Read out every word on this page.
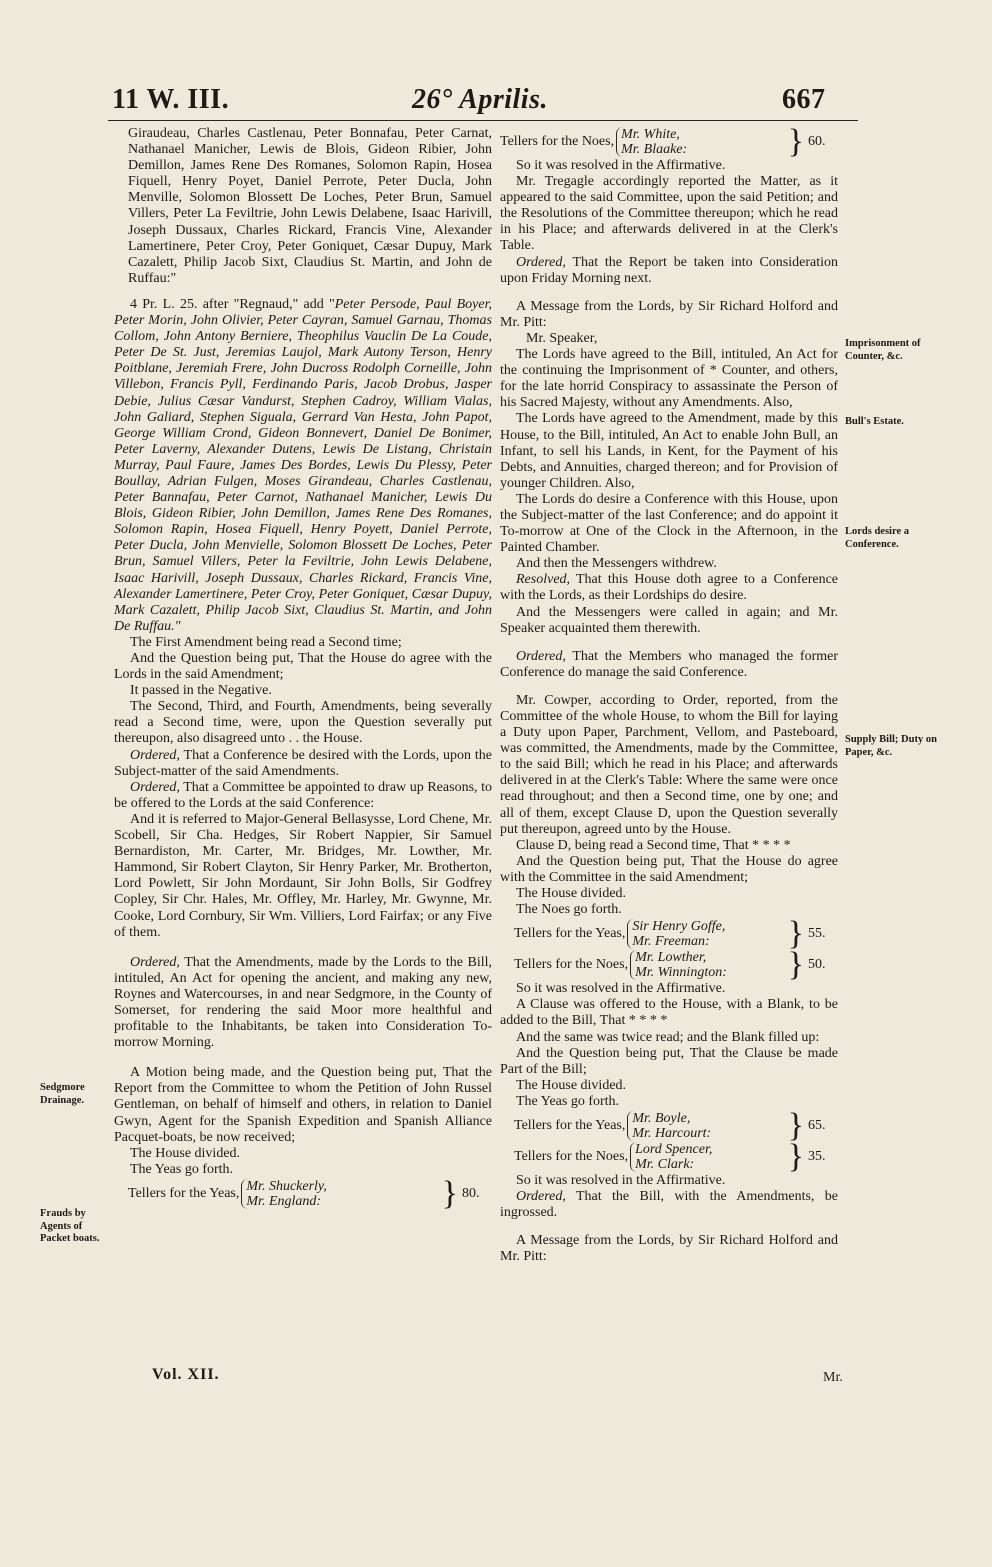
11 W. III.	26° Aprilis.	667

Giraudeau, Charles Castlenau, Peter Bonnafau, Peter Carnat, Nathanael Manicher, Lewis de Blois, Gideon Ribier, John Demillon, James Rene Des Romanes, Solomon Rapin, Hosea Fiquell, Henry Poyet, Daniel Perrote, Peter Ducla, John Menville, Solomon Blossett De Loches, Peter Brun, Samuel Villers, Peter La Feviltrie, John Lewis Delabene, Isaac Harivill, Joseph Dussaux, Charles Rickard, Francis Vine, Alexander Lamertinere, Peter Croy, Peter Goniquet, Cæsar Dupuy, Mark Cazalett, Philip Jacob Sixt, Claudius St. Martin, and John de Ruffau:"

4 Pr. L. 25. after "Regnaud," add "Peter Persode, Paul Boyer, Peter Morin, John Olivier, Peter Cayran, Samuel Garnau, Thomas Collom, John Antony Berniere, Theophilus Vauclin De La Coude, Peter De St. Just, Jeremias Laujol, Mark Autony Terson, Henry Poitblane, Jeremiah Frere, John Ducross Rodolph Corneille, John Villebon, Francis Pyll, Ferdinando Paris, Jacob Drobus, Jasper Debie, Julius Cæsar Vandurst, Stephen Cadroy, William Vialas, John Galiard, Stephen Siguala, Gerrard Van Hesta, John Papot, George William Crond, Gideon Bonnevert, Daniel De Bonimer, Peter Laverny, Alexander Dutens, Lewis De Listang, Christain Murray, Paul Faure, James Des Bordes, Lewis Du Plessy, Peter Boullay, Adrian Fulgen, Moses Girandeau, Charles Castlenau, Peter Bannafau, Peter Carnot, Nathanael Manicher, Lewis Du Blois, Gideon Ribier, John Demillon, James Rene Des Romanes, Solomon Rapin, Hosea Fiquell, Henry Poyett, Daniel Perrote, Peter Ducla, John Menvielle, Solomon Blossett De Loches, Peter Brun, Samuel Villers, Peter la Feviltrie, John Lewis Delabene, Isaac Harivill, Joseph Dussaux, Charles Rickard, Francis Vine, Alexander Lamertinere, Peter Croy, Peter Goniquet, Cæsar Dupuy, Mark Cazalett, Philip Jacob Sixt, Claudius St. Martin, and John De Ruffau."

The First Amendment being read a Second time;

And the Question being put, That the House do agree with the Lords in the said Amendment;

It passed in the Negative.

The Second, Third, and Fourth, Amendments, being severally read a Second time, were, upon the Question severally put thereupon, also disagreed unto . . the House.

Ordered, That a Conference be desired with the Lords, upon the Subject-matter of the said Amendments.

Ordered, That a Committee be appointed to draw up Reasons, to be offered to the Lords at the said Conference:

And it is referred to Major-General Bellasysse, Lord Chene, Mr. Scobell, Sir Cha. Hedges, Sir Robert Nappier, Sir Samuel Bernardiston, Mr. Carter, Mr. Bridges, Mr. Lowther, Mr. Hammond, Sir Robert Clayton, Sir Henry Parker, Mr. Brotherton, Lord Powlett, Sir John Mordaunt, Sir John Bolls, Sir Godfrey Copley, Sir Chr. Hales, Mr. Offley, Mr. Harley, Mr. Gwynne, Mr. Cooke, Lord Cornbury, Sir Wm. Villiers, Lord Fairfax; or any Five of them.

Ordered, That the Amendments, made by the Lords to the Bill, intituled, An Act for opening the ancient, and making any new, Roynes and Watercourses, in and near Sedgmore, in the County of Somerset, for rendering the said Moor more healthful and profitable to the Inhabitants, be taken into Consideration To-morrow Morning.

A Motion being made, and the Question being put, That the Report from the Committee to whom the Petition of John Russel Gentleman, on behalf of himself and others, in relation to Daniel Gwyn, Agent for the Spanish Expedition and Spanish Alliance Pacquet-boats, be now received;

The House divided.

The Yeas go forth.

Tellers for the Yeas, Mr. Shuckerly,
Mr. England:	} 80.
Tellers for the Noes, Mr. White,
Mr. Blaake:	} 60.

So it was resolved in the Affirmative.

Mr. Tregagle accordingly reported the Matter, as it appeared to the said Committee, upon the said Petition; and the Resolutions of the Committee thereupon; which he read in his Place; and afterwards delivered in at the Clerk's Table.

Ordered, That the Report be taken into Consideration upon Friday Morning next.

A Message from the Lords, by Sir Richard Holford and Mr. Pitt:

Mr. Speaker,

The Lords have agreed to the Bill, intituled, An Act for the continuing the Imprisonment of * Counter, and others, for the late horrid Conspiracy to assassinate the Person of his Sacred Majesty, without any Amendments. Also,

The Lords have agreed to the Amendment, made by this House, to the Bill, intituled, An Act to enable John Bull, an Infant, to sell his Lands, in Kent, for the Payment of his Debts, and Annuities, charged thereon; and for Provision of younger Children. Also,

The Lords do desire a Conference with this House, upon the Subject-matter of the last Conference; and do appoint it To-morrow at One of the Clock in the Afternoon, in the Painted Chamber.

And then the Messengers withdrew.

Resolved, That this House doth agree to a Conference with the Lords, as their Lordships do desire.

And the Messengers were called in again; and Mr. Speaker acquainted them therewith.

Ordered, That the Members who managed the former Conference do manage the said Conference.

Mr. Cowper, according to Order, reported, from the Committee of the whole House, to whom the Bill for laying a Duty upon Paper, Parchment, Vellom, and Pasteboard, was committed, the Amendments, made by the Committee, to the said Bill; which he read in his Place; and afterwards delivered in at the Clerk's Table: Where the same were once read throughout; and then a Second time, one by one; and all of them, except Clause D, upon the Question severally put thereupon, agreed unto by the House.

Clause D, being read a Second time, That * * * *

And the Question being put, That the House do agree with the Committee in the said Amendment;

The House divided.

The Noes go forth.

Tellers for the Yeas, Sir Henry Goffe,
Mr. Freeman:	} 55.
Tellers for the Noes, Mr. Lowther,
Mr. Winnington: } 50.

So it was resolved in the Affirmative.

A Clause was offered to the House, with a Blank, to be added to the Bill, That * * * *

And the same was twice read; and the Blank filled up:

And the Question being put, That the Clause be made Part of the Bill;

The House divided.

The Yeas go forth.

Tellers for the Yeas, Mr. Boyle,
Mr. Harcourt: } 65.
Tellers for the Noes, Lord Spencer,
Mr. Clark:	} 35.

So it was resolved in the Affirmative.

Ordered, That the Bill, with the Amendments, be ingrossed.

A Message from the Lords, by Sir Richard Holford and Mr. Pitt:

Sedgmore Drainage.
Frauds by Agents of Packet boats.
Imprisonment of Counter, &c.
Bull's Estate.
Lords desire a Conference.
Supply Bill; Duty on Paper, &c.
Vol. XII.	Mr.
